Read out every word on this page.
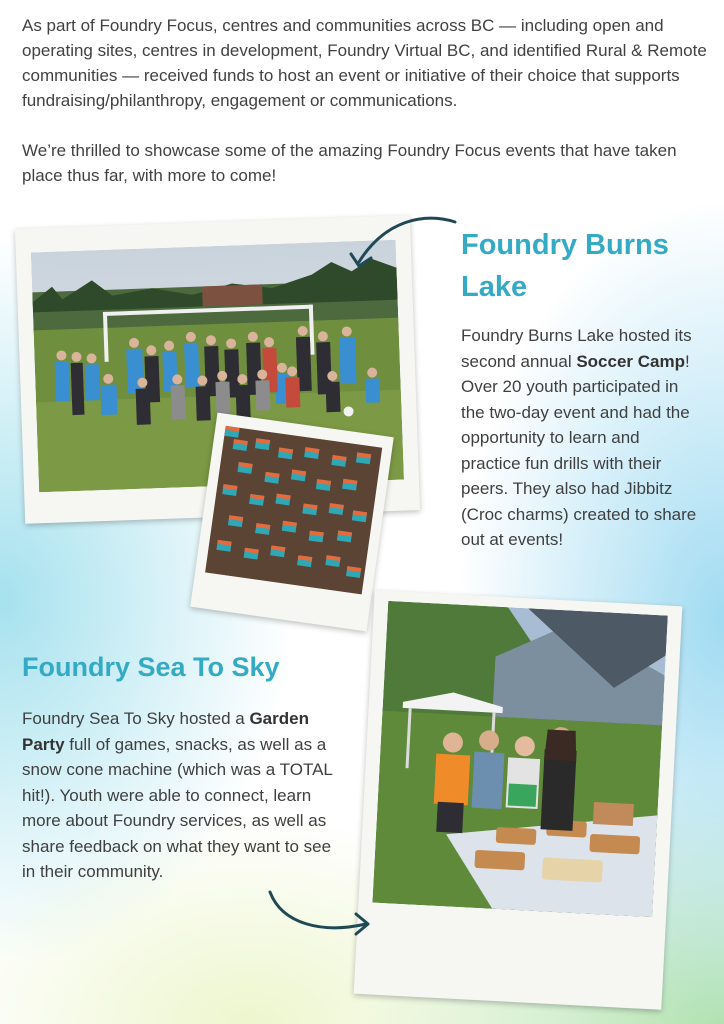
As part of Foundry Focus, centres and communities across BC — including open and operating sites, centres in development, Foundry Virtual BC, and identified Rural & Remote communities — received funds to host an event or initiative of their choice that supports fundraising/philanthropy, engagement or communications.

We’re thrilled to showcase some of the amazing Foundry Focus events that have taken place thus far, with more to come!

Foundry Burns Lake

Foundry Burns Lake hosted its second annual Soccer Camp! Over 20 youth participated in the two-day event and had the opportunity to learn and practice fun drills with their peers. They also had Jibbitz (Croc charms) created to share out at events!

Foundry Sea To Sky

Foundry Sea To Sky hosted a Garden Party full of games, snacks, as well as a snow cone machine (which was a TOTAL hit!). Youth were able to connect, learn more about Foundry services, as well as share feedback on what they want to see in their community.
